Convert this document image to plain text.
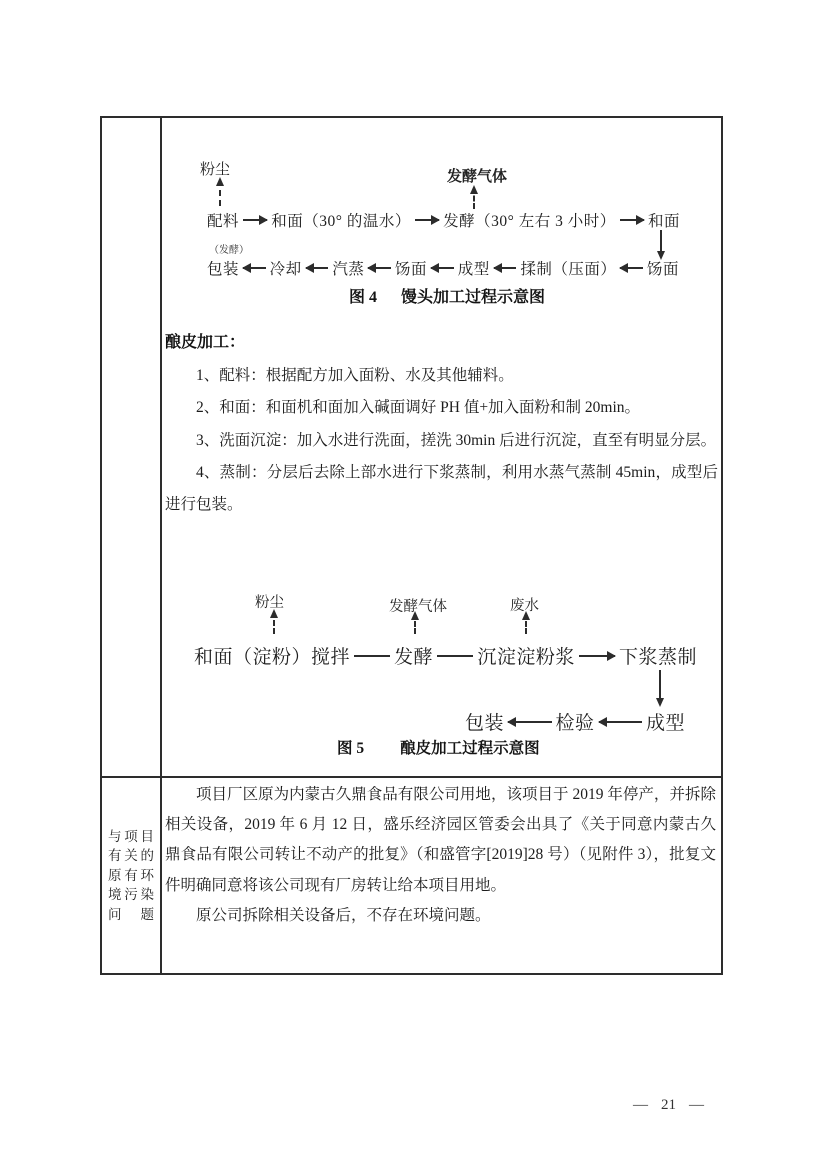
粉尘	发酵气体
配料 和面（30° 的温水） 发酵（30° 左右 3 小时） 和面
（发酵）
包装 冷却 汽蒸 饧面 成型 揉制（压面） 饧面
图 4 馒头加工过程示意图
酿皮加工：

1、配料：根据配方加入面粉、水及其他辅料。

2、和面：和面机和面加入碱面调好 PH 值+加入面粉和制 20min。

3、洗面沉淀：加入水进行洗面，搓洗 30min 后进行沉淀，直至有明显分层。

4、蒸制：分层后去除上部水进行下浆蒸制，利用水蒸气蒸制 45min，成型后进行包装。

粉尘	发酵气体	废水
和面（淀粉）搅拌 发酵 沉淀淀粉浆 下浆蒸制
包装	检验	成型
图 5 酿皮加工过程示意图
与项目有关的原有环境污染问题

项目厂区原为内蒙古久鼎食品有限公司用地，该项目于 2019 年停产，并拆除相关设备，2019 年 6 月 12 日，盛乐经济园区管委会出具了《关于同意内蒙古久鼎食品有限公司转让不动产的批复》（和盛管字[2019]28 号）（见附件 3），批复文件明确同意将该公司现有厂房转让给本项目用地。

原公司拆除相关设备后，不存在环境问题。

— 21 —
